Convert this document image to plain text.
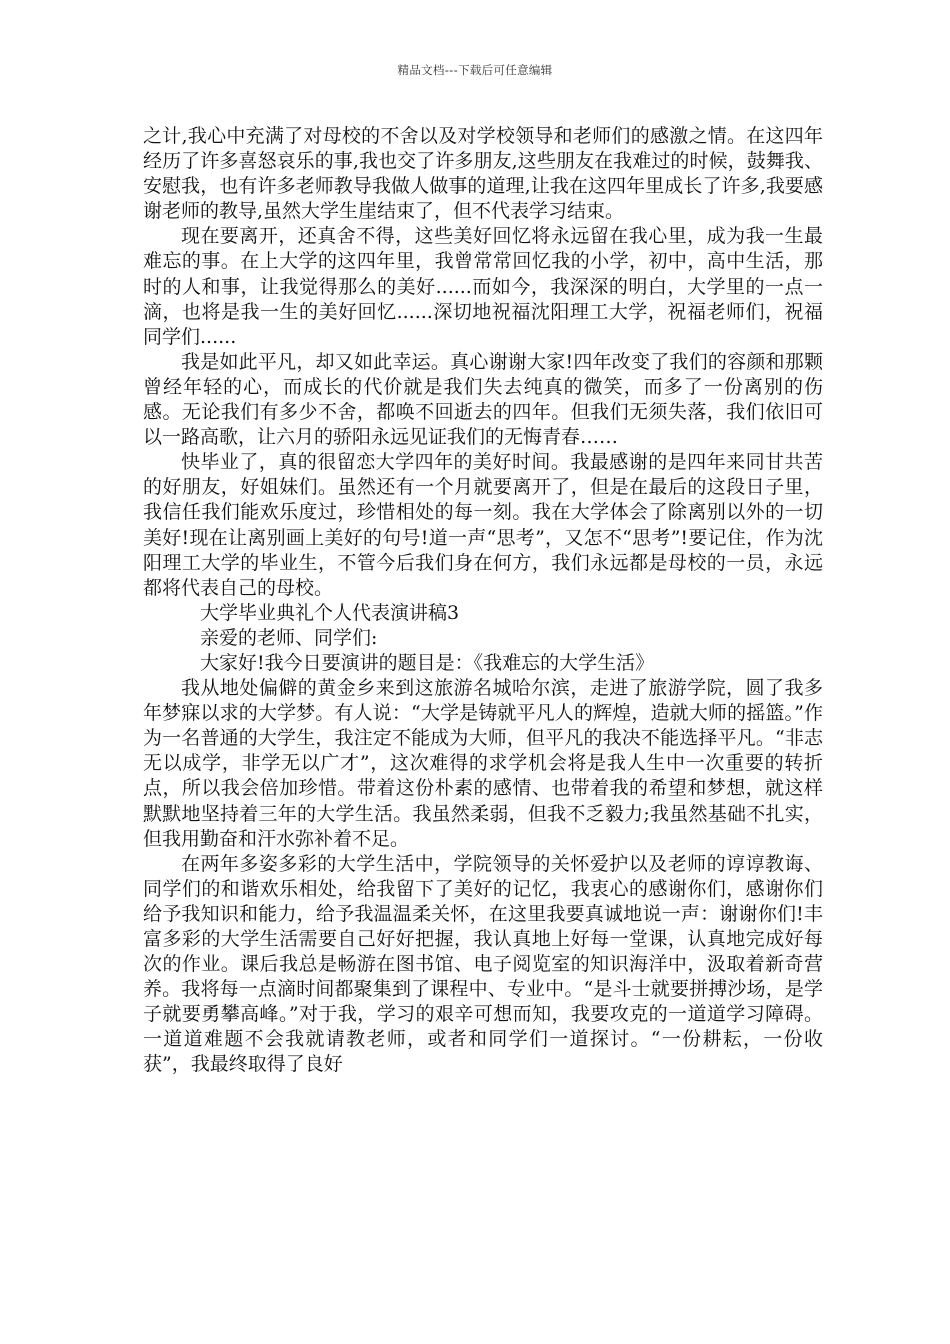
精品文档---下载后可任意编辑

之计,我心中充满了对母校的不舍以及对学校领导和老师们的感激之情。在这四年经历了许多喜怒哀乐的事,我也交了许多朋友,这些朋友在我难过的时候，鼓舞我、安慰我，也有许多老师教导我做人做事的道理,让我在这四年里成长了许多,我要感谢老师的教导,虽然大学生崖结束了，但不代表学习结束。

现在要离开，还真舍不得，这些美好回忆将永远留在我心里，成为我一生最难忘的事。在上大学的这四年里，我曾常常回忆我的小学，初中，高中生活，那时的人和事，让我觉得那么的美好......而如今，我深深的明白，大学里的一点一滴，也将是我一生的美好回忆......深切地祝福沈阳理工大学，祝福老师们，祝福同学们......

我是如此平凡，却又如此幸运。真心谢谢大家!四年改变了我们的容颜和那颗曾经年轻的心，而成长的代价就是我们失去纯真的微笑，而多了一份离别的伤感。无论我们有多少不舍，都唤不回逝去的四年。但我们无须失落，我们依旧可以一路高歌，让六月的骄阳永远见证我们的无悔青春……

快毕业了，真的很留恋大学四年的美好时间。我最感谢的是四年来同甘共苦的好朋友，好姐妹们。虽然还有一个月就要离开了，但是在最后的这段日子里，我信任我们能欢乐度过，珍惜相处的每一刻。我在大学体会了除离别以外的一切美好!现在让离别画上美好的句号!道一声“思考”，又怎不“思考”!要记住，作为沈阳理工大学的毕业生，不管今后我们身在何方，我们永远都是母校的一员，永远都将代表自己的母校。

大学毕业典礼个人代表演讲稿3

亲爱的老师、同学们:

大家好!我今日要演讲的题目是：《我难忘的大学生活》

我从地处偏僻的黄金乡来到这旅游名城哈尔滨，走进了旅游学院，圆了我多年梦寐以求的大学梦。有人说：“大学是铸就平凡人的辉煌，造就大师的摇篮。”作为一名普通的大学生，我注定不能成为大师，但平凡的我决不能选择平凡。“非志无以成学，非学无以广才”，这次难得的求学机会将是我人生中一次重要的转折点，所以我会倍加珍惜。带着这份朴素的感情、也带着我的希望和梦想，就这样默默地坚持着三年的大学生活。我虽然柔弱，但我不乏毅力;我虽然基础不扎实，但我用勤奋和汗水弥补着不足。

在两年多姿多彩的大学生活中，学院领导的关怀爱护以及老师的谆谆教诲、同学们的和谐欢乐相处，给我留下了美好的记忆，我衷心的感谢你们，感谢你们给予我知识和能力，给予我温温柔关怀，在这里我要真诚地说一声：谢谢你们!丰富多彩的大学生活需要自己好好把握，我认真地上好每一堂课，认真地完成好每次的作业。课后我总是畅游在图书馆、电子阅览室的知识海洋中，汲取着新奇营养。我将每一点滴时间都聚集到了课程中、专业中。“是斗士就要拼搏沙场，是学子就要勇攀高峰。”对于我，学习的艰辛可想而知，我要攻克的一道道学习障碍。一道道难题不会我就请教老师，或者和同学们一道探讨。“一份耕耘，一份收获”，我最终取得了良好
